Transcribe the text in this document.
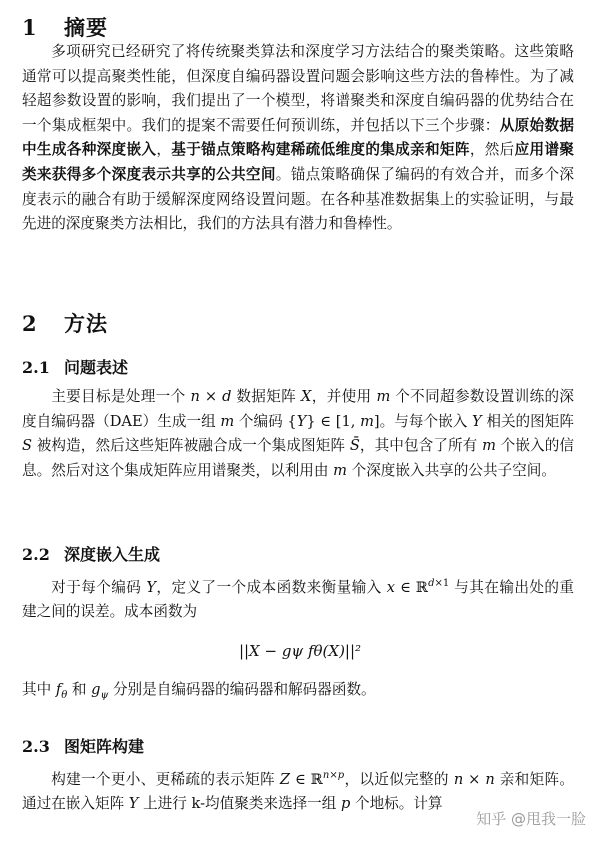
1 摘要

多项研究已经研究了将传统聚类算法和深度学习方法结合的聚类策略。这些策略通常可以提高聚类性能，但深度自编码器设置问题会影响这些方法的鲁棒性。为了减轻超参数设置的影响，我们提出了一个模型，将谱聚类和深度自编码器的优势结合在一个集成框架中。我们的提案不需要任何预训练，并包括以下三个步骤：从原始数据中生成各种深度嵌入，基于锚点策略构建稀疏低维度的集成亲和矩阵，然后应用谱聚类来获得多个深度表示共享的公共空间。锚点策略确保了编码的有效合并，而多个深度表示的融合有助于缓解深度网络设置问题。在各种基准数据集上的实验证明，与最先进的深度聚类方法相比，我们的方法具有潜力和鲁棒性。

2 方法
2.1 问题表述

主要目标是处理一个 n × d 数据矩阵 X，并使用 m 个不同超参数设置训练的深度自编码器（DAE）生成一组 m 个编码 {Y} ∈ [1, m]。与每个嵌入 Y 相关的图矩阵 S 被构造，然后这些矩阵被融合成一个集成图矩阵 S̄，其中包含了所有 m 个嵌入的信息。然后对这个集成矩阵应用谱聚类，以利用由 m 个深度嵌入共享的公共子空间。

2.2 深度嵌入生成

对于每个编码 Y，定义了一个成本函数来衡量输入 x ∈ ℝ$^{d\times 1}$ 与其在输出处的重建之间的误差。成本函数为

||X − gψ fθ(X)||²

其中 $f_\theta$ 和 $g_\psi$ 分别是自编码器的编码器和解码器函数。

2.3 图矩阵构建

构建一个更小、更稀疏的表示矩阵 Z ∈ ℝ$^{n\times p}$，以近似完整的 n × n 亲和矩阵。通过在嵌入矩阵 Y 上进行 k-均值聚类来选择一组 p 个地标。计算

知乎 @甩我一脸
